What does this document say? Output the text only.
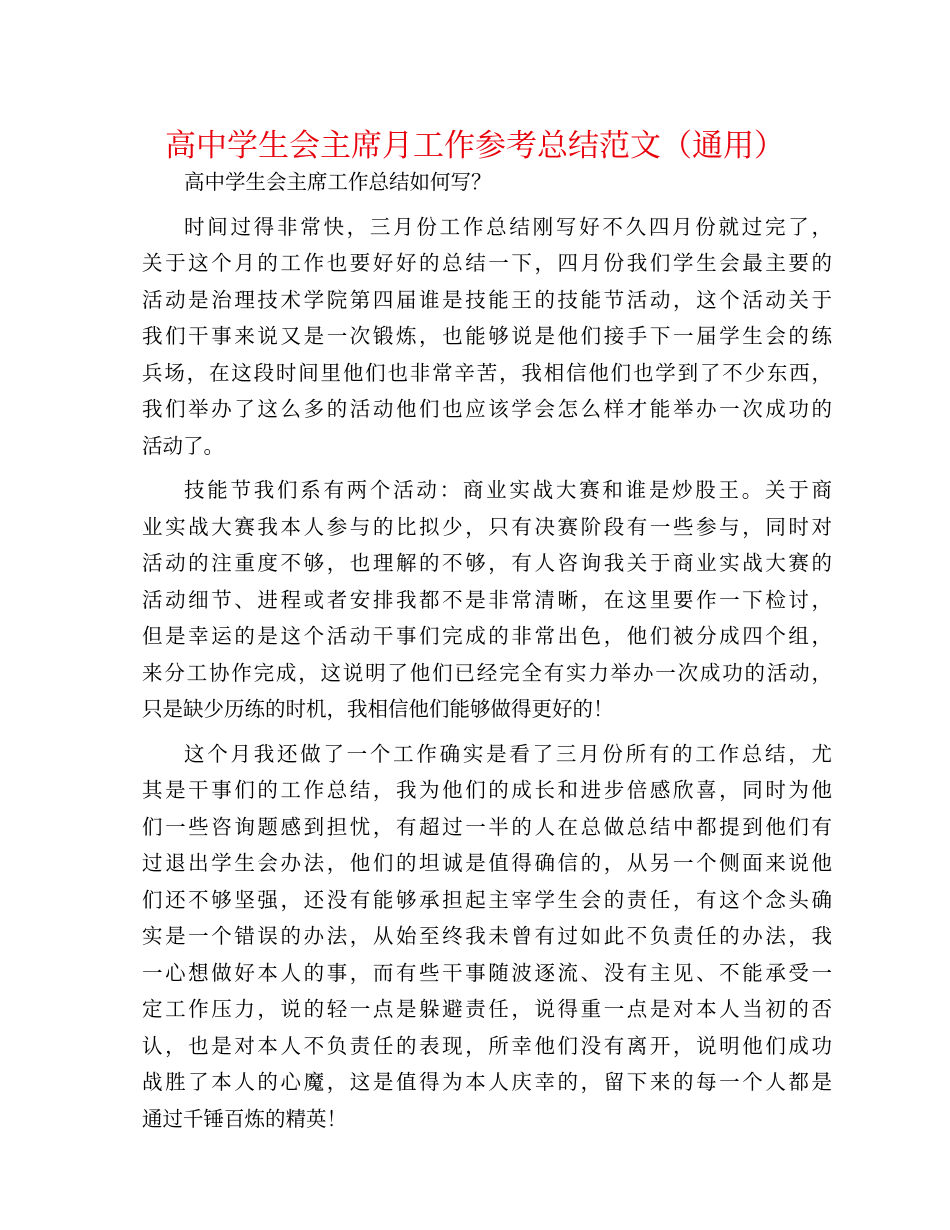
高中学生会主席月工作参考总结范文（通用）
高中学生会主席工作总结如何写？
时间过得非常快，三月份工作总结刚写好不久四月份就过完了，
关于这个月的工作也要好好的总结一下，四月份我们学生会最主要的
活动是治理技术学院第四届谁是技能王的技能节活动，这个活动关于
我们干事来说又是一次锻炼，也能够说是他们接手下一届学生会的练
兵场，在这段时间里他们也非常辛苦，我相信他们也学到了不少东西，
我们举办了这么多的活动他们也应该学会怎么样才能举办一次成功的
活动了。
技能节我们系有两个活动：商业实战大赛和谁是炒股王。关于商
业实战大赛我本人参与的比拟少，只有决赛阶段有一些参与，同时对
活动的注重度不够，也理解的不够，有人咨询我关于商业实战大赛的
活动细节、进程或者安排我都不是非常清晰，在这里要作一下检讨，
但是幸运的是这个活动干事们完成的非常出色，他们被分成四个组，
来分工协作完成，这说明了他们已经完全有实力举办一次成功的活动，
只是缺少历练的时机，我相信他们能够做得更好的！
这个月我还做了一个工作确实是看了三月份所有的工作总结，尤
其是干事们的工作总结，我为他们的成长和进步倍感欣喜，同时为他
们一些咨询题感到担忧，有超过一半的人在总做总结中都提到他们有
过退出学生会办法，他们的坦诚是值得确信的，从另一个侧面来说他
们还不够坚强，还没有能够承担起主宰学生会的责任，有这个念头确
实是一个错误的办法，从始至终我未曾有过如此不负责任的办法，我
一心想做好本人的事，而有些干事随波逐流、没有主见、不能承受一
定工作压力，说的轻一点是躲避责任，说得重一点是对本人当初的否
认，也是对本人不负责任的表现，所幸他们没有离开，说明他们成功
战胜了本人的心魔，这是值得为本人庆幸的，留下来的每一个人都是
通过千锤百炼的精英！
